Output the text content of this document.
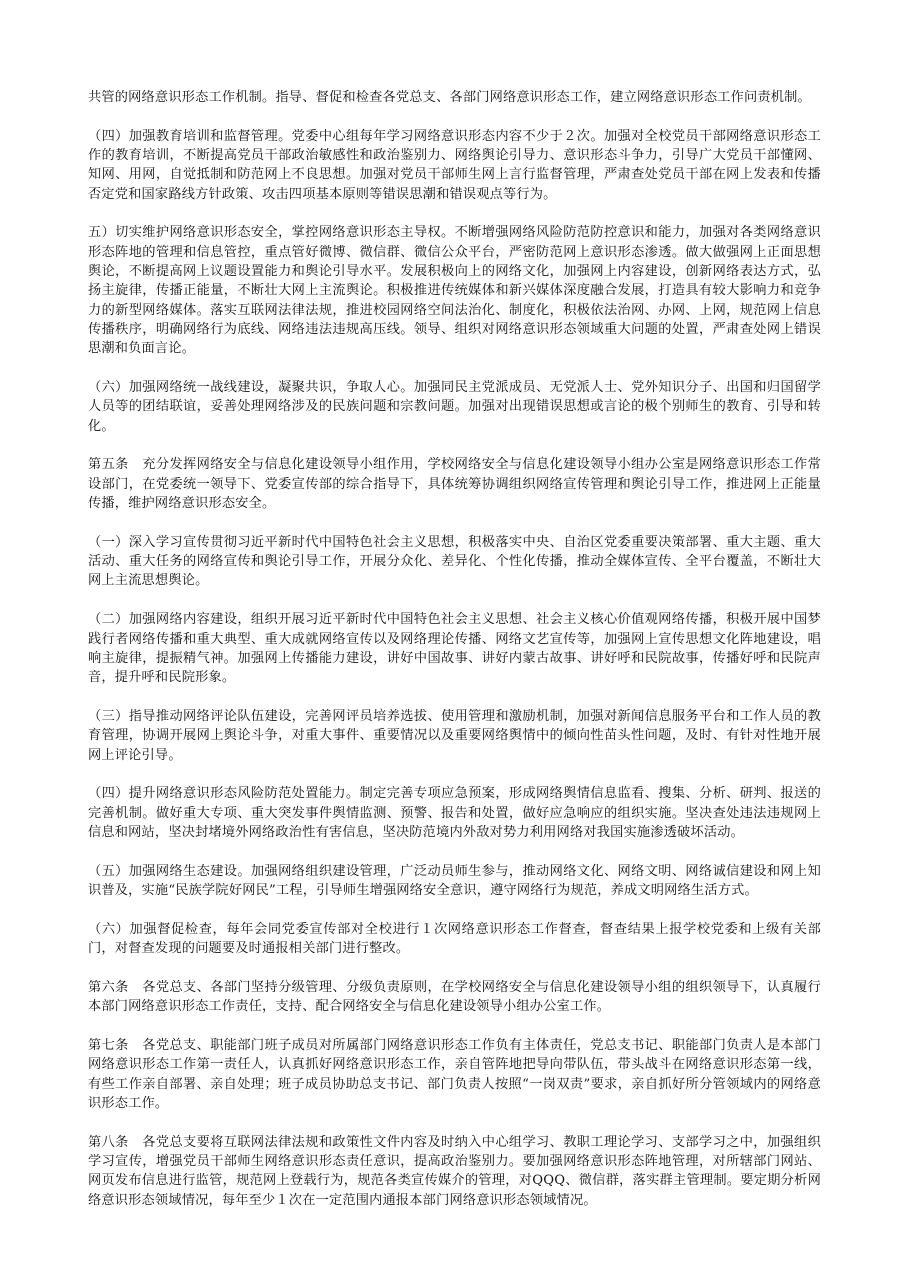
共管的网络意识形态工作机制。指导、督促和检查各党总支、各部门网络意识形态工作，建立网络意识形态工作问责机制。

（四）加强教育培训和监督管理。党委中心组每年学习网络意识形态内容不少于２次。加强对全校党员干部网络意识形态工作的教育培训，不断提高党员干部政治敏感性和政治鉴别力、网络舆论引导力、意识形态斗争力，引导广大党员干部懂网、知网、用网，自觉抵制和防范网上不良思想。加强对党员干部师生网上言行监督管理，严肃查处党员干部在网上发表和传播否定党和国家路线方针政策、攻击四项基本原则等错误思潮和错误观点等行为。

五）切实维护网络意识形态安全，掌控网络意识形态主导权。不断增强网络风险防范防控意识和能力，加强对各类网络意识形态阵地的管理和信息管控，重点管好微博、微信群、微信公众平台，严密防范网上意识形态渗透。做大做强网上正面思想舆论，不断提高网上议题设置能力和舆论引导水平。发展积极向上的网络文化，加强网上内容建设，创新网络表达方式，弘扬主旋律，传播正能量，不断壮大网上主流舆论。积极推进传统媒体和新兴媒体深度融合发展，打造具有较大影响力和竞争力的新型网络媒体。落实互联网法律法规，推进校园网络空间法治化、制度化，积极依法治网、办网、上网，规范网上信息传播秩序，明确网络行为底线、网络违法违规高压线。领导、组织对网络意识形态领域重大问题的处置，严肃查处网上错误思潮和负面言论。

（六）加强网络统一战线建设，凝聚共识，争取人心。加强同民主党派成员、无党派人士、党外知识分子、出国和归国留学人员等的团结联谊，妥善处理网络涉及的民族问题和宗教问题。加强对出现错误思想或言论的极个别师生的教育、引导和转化。

第五条　充分发挥网络安全与信息化建设领导小组作用，学校网络安全与信息化建设领导小组办公室是网络意识形态工作常设部门，在党委统一领导下、党委宣传部的综合指导下，具体统筹协调组织网络宣传管理和舆论引导工作，推进网上正能量传播，维护网络意识形态安全。

（一）深入学习宣传贯彻习近平新时代中国特色社会主义思想，积极落实中央、自治区党委重要决策部署、重大主题、重大活动、重大任务的网络宣传和舆论引导工作，开展分众化、差异化、个性化传播，推动全媒体宣传、全平台覆盖，不断壮大网上主流思想舆论。

（二）加强网络内容建设，组织开展习近平新时代中国特色社会主义思想、社会主义核心价值观网络传播，积极开展中国梦践行者网络传播和重大典型、重大成就网络宣传以及网络理论传播、网络文艺宣传等，加强网上宣传思想文化阵地建设，唱响主旋律，提振精气神。加强网上传播能力建设，讲好中国故事、讲好内蒙古故事、讲好呼和民院故事，传播好呼和民院声音，提升呼和民院形象。

（三）指导推动网络评论队伍建设，完善网评员培养选拔、使用管理和激励机制，加强对新闻信息服务平台和工作人员的教育管理，协调开展网上舆论斗争，对重大事件、重要情况以及重要网络舆情中的倾向性苗头性问题，及时、有针对性地开展网上评论引导。

（四）提升网络意识形态风险防范处置能力。制定完善专项应急预案，形成网络舆情信息监看、搜集、分析、研判、报送的完善机制。做好重大专项、重大突发事件舆情监测、预警、报告和处置，做好应急响应的组织实施。坚决查处违法违规网上信息和网站，坚决封堵境外网络政治性有害信息，坚决防范境内外敌对势力利用网络对我国实施渗透破坏活动。

（五）加强网络生态建设。加强网络组织建设管理，广泛动员师生参与，推动网络文化、网络文明、网络诚信建设和网上知识普及，实施“民族学院好网民”工程，引导师生增强网络安全意识，遵守网络行为规范，养成文明网络生活方式。

（六）加强督促检查，每年会同党委宣传部对全校进行１次网络意识形态工作督查，督查结果上报学校党委和上级有关部门，对督查发现的问题要及时通报相关部门进行整改。

第六条　各党总支、各部门坚持分级管理、分级负责原则，在学校网络安全与信息化建设领导小组的组织领导下，认真履行本部门网络意识形态工作责任，支持、配合网络安全与信息化建设领导小组办公室工作。

第七条　各党总支、职能部门班子成员对所属部门网络意识形态工作负有主体责任，党总支书记、职能部门负责人是本部门网络意识形态工作第一责任人，认真抓好网络意识形态工作，亲自管阵地把导向带队伍，带头战斗在网络意识形态第一线，有些工作亲自部署、亲自处理；班子成员协助总支书记、部门负责人按照“一岗双责”要求，亲自抓好所分管领域内的网络意识形态工作。

第八条　各党总支要将互联网法律法规和政策性文件内容及时纳入中心组学习、教职工理论学习、支部学习之中，加强组织学习宣传，增强党员干部师生网络意识形态责任意识，提高政治鉴别力。要加强网络意识形态阵地管理，对所辖部门网站、网页发布信息进行监管，规范网上登载行为，规范各类宣传媒介的管理，对QQQ、微信群，落实群主管理制。要定期分析网络意识形态领域情况，每年至少１次在一定范围内通报本部门网络意识形态领域情况。
